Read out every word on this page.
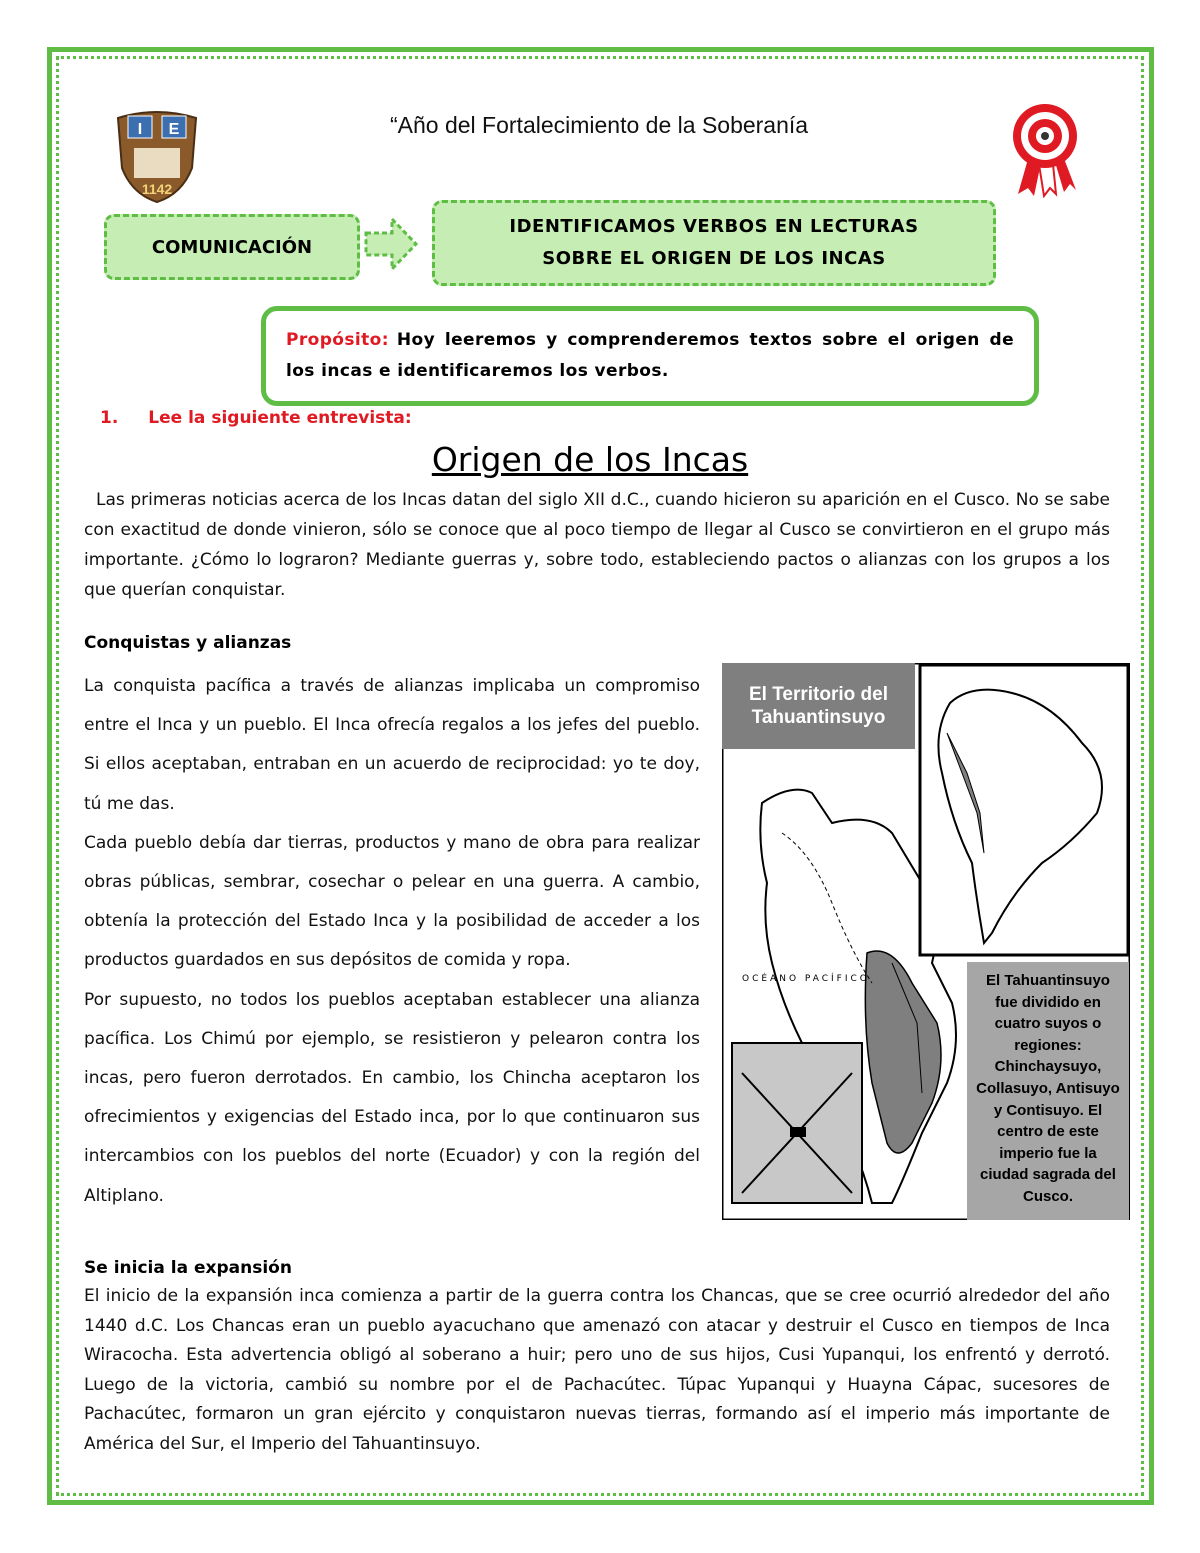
I E
1142
“Año del Fortalecimiento de la Soberanía
COMUNICACIÓN
IDENTIFICAMOS VERBOS EN LECTURAS
SOBRE EL ORIGEN DE LOS INCAS
Propósito: Hoy leeremos y comprenderemos textos sobre el origen de los incas e identificaremos los verbos.
1. Lee la siguiente entrevista:
Origen de los Incas
Las primeras noticias acerca de los Incas datan del siglo XII d.C., cuando hicieron su aparición en el Cusco. No se sabe con exactitud de donde vinieron, sólo se conoce que al poco tiempo de llegar al Cusco se convirtieron en el grupo más importante. ¿Cómo lo lograron? Mediante guerras y, sobre todo, estableciendo pactos o alianzas con los grupos a los que querían conquistar.
Conquistas y alianzas
La conquista pacífica a través de alianzas implicaba un compromiso entre el Inca y un pueblo. El Inca ofrecía regalos a los jefes del pueblo. Si ellos aceptaban, entraban en un acuerdo de reciprocidad: yo te doy, tú me das.
Cada pueblo debía dar tierras, productos y mano de obra para realizar obras públicas, sembrar, cosechar o pelear en una guerra. A cambio, obtenía la protección del Estado Inca y la posibilidad de acceder a los productos guardados en sus depósitos de comida y ropa.
Por supuesto, no todos los pueblos aceptaban establecer una alianza pacífica. Los Chimú por ejemplo, se resistieron y pelearon contra los incas, pero fueron derrotados. En cambio, los Chincha aceptaron los ofrecimientos y exigencias del Estado inca, por lo que continuaron sus intercambios con los pueblos del norte (Ecuador) y con la región del Altiplano.
OCÉANO PACÍFICO
El Territorio del
Tahuantinsuyo
El Tahuantinsuyo fue dividido en cuatro suyos o regiones: Chinchaysuyo, Collasuyo, Antisuyo y Contisuyo. El centro de este imperio fue la ciudad sagrada del Cusco.
Se inicia la expansión
El inicio de la expansión inca comienza a partir de la guerra contra los Chancas, que se cree ocurrió alrededor del año 1440 d.C. Los Chancas eran un pueblo ayacuchano que amenazó con atacar y destruir el Cusco en tiempos de Inca Wiracocha. Esta advertencia obligó al soberano a huir; pero uno de sus hijos, Cusi Yupanqui, los enfrentó y derrotó. Luego de la victoria, cambió su nombre por el de Pachacútec. Túpac Yupanqui y Huayna Cápac, sucesores de Pachacútec, formaron un gran ejército y conquistaron nuevas tierras, formando así el imperio más importante de América del Sur, el Imperio del Tahuantinsuyo.
